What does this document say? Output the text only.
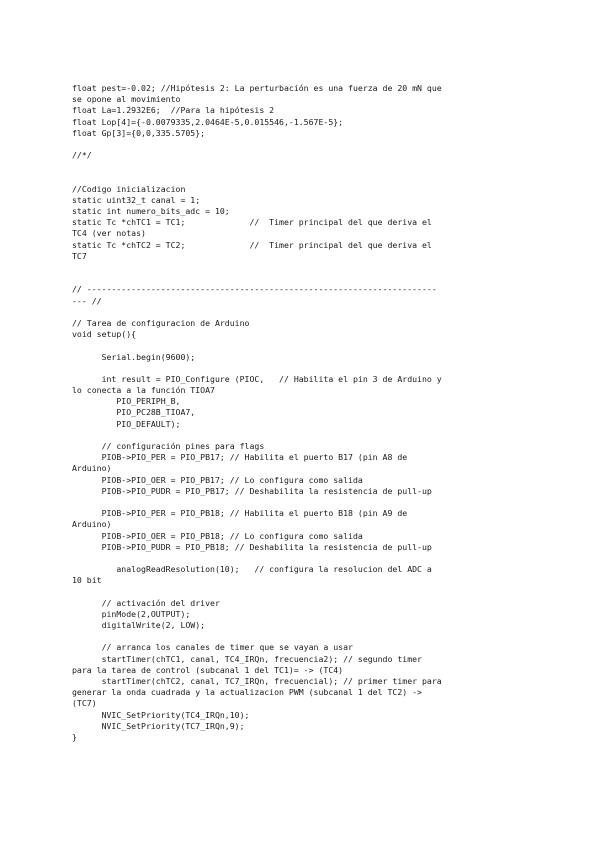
float pest=-0.02; //Hipótesis 2: La perturbación es una fuerza de 20 mN que
se opone al movimiento
float La=1.2932E6;  //Para la hipótesis 2
float Lop[4]={-0.0079335,2.0464E-5,0.015546,-1.567E-5};
float Gp[3]={0,0,335.5705};
//*/
//Codigo inicializacion
static uint32_t canal = 1;
static int numero_bits_adc = 10;
static Tc *chTC1 = TC1;             //  Timer principal del que deriva el
TC4 (ver notas)
static Tc *chTC2 = TC2;             //  Timer principal del que deriva el
TC7
// -----------------------------------------------------------------------
--- //
// Tarea de configuracion de Arduino
void setup(){
Serial.begin(9600);
int result = PIO_Configure (PIOC,   // Habilita el pin 3 de Arduino y
lo conecta a la función TIOA7
PIO_PERIPH_B,
PIO_PC28B_TIOA7,
PIO_DEFAULT);
// configuración pines para flags
PIOB->PIO_PER = PIO_PB17; // Habilita el puerto B17 (pin A8 de
Arduino)
PIOB->PIO_OER = PIO_PB17; // Lo configura como salida
PIOB->PIO_PUDR = PIO_PB17; // Deshabilita la resistencia de pull-up
PIOB->PIO_PER = PIO_PB18; // Habilita el puerto B18 (pin A9 de
Arduino)
PIOB->PIO_OER = PIO_PB18; // Lo configura como salida
PIOB->PIO_PUDR = PIO_PB18; // Deshabilita la resistencia de pull-up
analogReadResolution(10);   // configura la resolucion del ADC a
10 bit
// activación del driver
pinMode(2,OUTPUT);
digitalWrite(2, LOW);
// arranca los canales de timer que se vayan a usar
startTimer(chTC1, canal, TC4_IRQn, frecuencia2); // segundo timer
para la tarea de control (subcanal 1 del TC1)= -> (TC4)
startTimer(chTC2, canal, TC7_IRQn, frecuencial); // primer timer para
generar la onda cuadrada y la actualizacion PWM (subcanal 1 del TC2) ->
(TC7)
NVIC_SetPriority(TC4_IRQn,10);
NVIC_SetPriority(TC7_IRQn,9);
}
